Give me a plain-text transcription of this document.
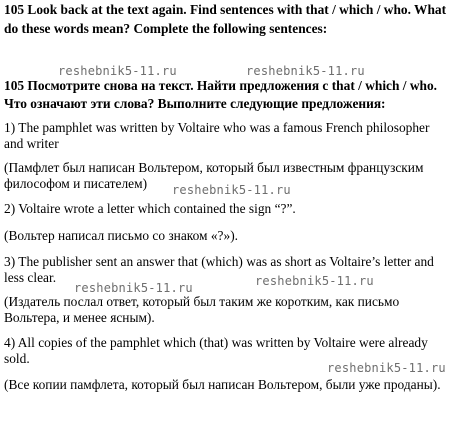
105 Look back at the text again. Find sentences with that / which / who. What
do these words mean? Complete the following sentences:
105 Посмотрите снова на текст. Найти предложения с that / which / who.
Что означают эти слова? Выполните следующие предложения:
1) The pamphlet was written by Voltaire who was a famous French philosopher
and writer
(Памфлет был написан Вольтером, который был известным французским
философом и писателем)
2) Voltaire wrote a letter which contained the sign “?”.
(Вольтер написал письмо со знаком «?»).
3) The publisher sent an answer that (which) was as short as Voltaire’s letter and
less clear.
(Издатель послал ответ, который был таким же коротким, как письмо
Вольтера, и менее ясным).
4) All copies of the pamphlet which (that) was written by Voltaire were already
sold.
(Все копии памфлета, который был написан Вольтером, были уже проданы).
reshebnik5-11.ru	reshebnik5-11.ru
reshebnik5-11.ru
reshebnik5-11.ru	reshebnik5-11.ru
reshebnik5-11.ru
